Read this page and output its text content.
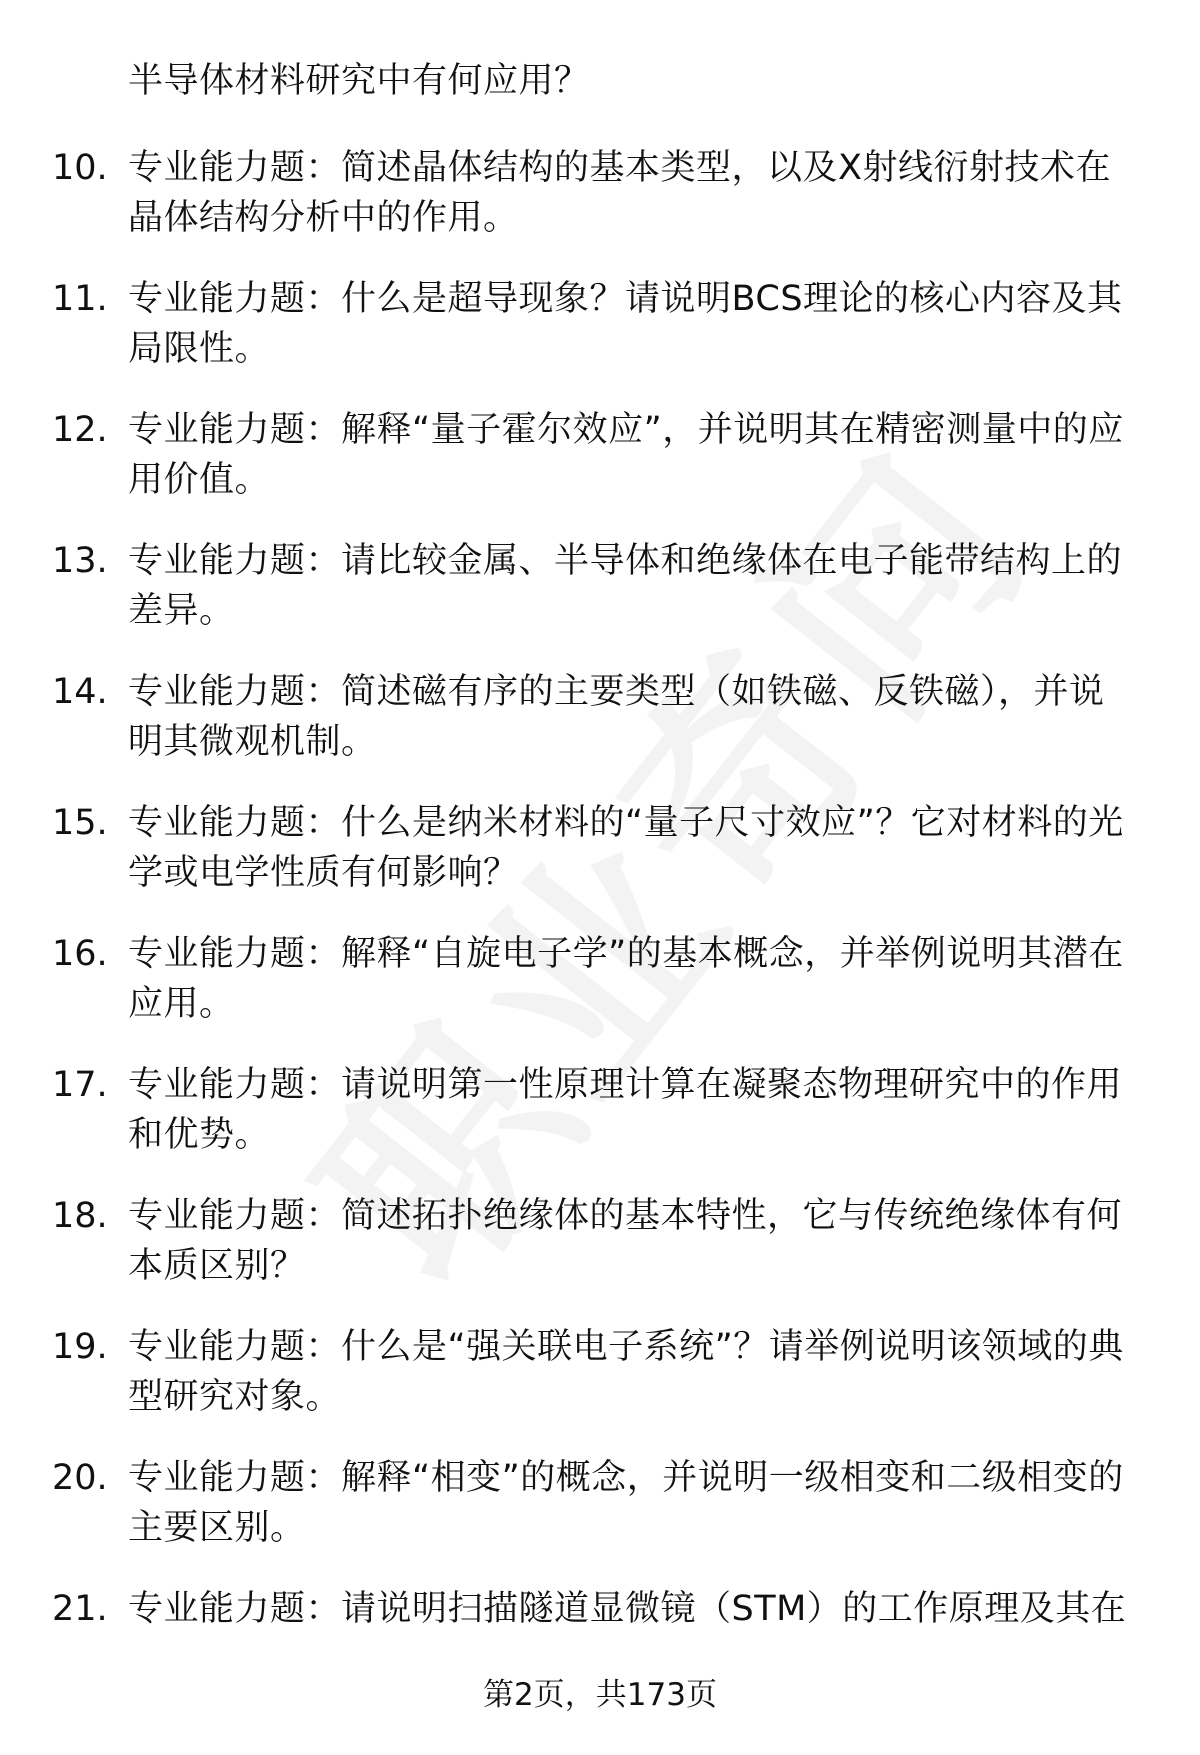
半导体材料研究中有何应用？
10. 专业能力题：简述晶体结构的基本类型，以及X射线衍射技术在晶体结构分析中的作用。
11. 专业能力题：什么是超导现象？请说明BCS理论的核心内容及其局限性。
12. 专业能力题：解释“量子霍尔效应”，并说明其在精密测量中的应用价值。
13. 专业能力题：请比较金属、半导体和绝缘体在电子能带结构上的差异。
14. 专业能力题：简述磁有序的主要类型（如铁磁、反铁磁），并说明其微观机制。
15. 专业能力题：什么是纳米材料的“量子尺寸效应”？它对材料的光学或电学性质有何影响？
16. 专业能力题：解释“自旋电子学”的基本概念，并举例说明其潜在应用。
17. 专业能力题：请说明第一性原理计算在凝聚态物理研究中的作用和优势。
18. 专业能力题：简述拓扑绝缘体的基本特性，它与传统绝缘体有何本质区别？
19. 专业能力题：什么是“强关联电子系统”？请举例说明该领域的典型研究对象。
20. 专业能力题：解释“相变”的概念，并说明一级相变和二级相变的主要区别。
21. 专业能力题：请说明扫描隧道显微镜（STM）的工作原理及其在
第2页，共173页
